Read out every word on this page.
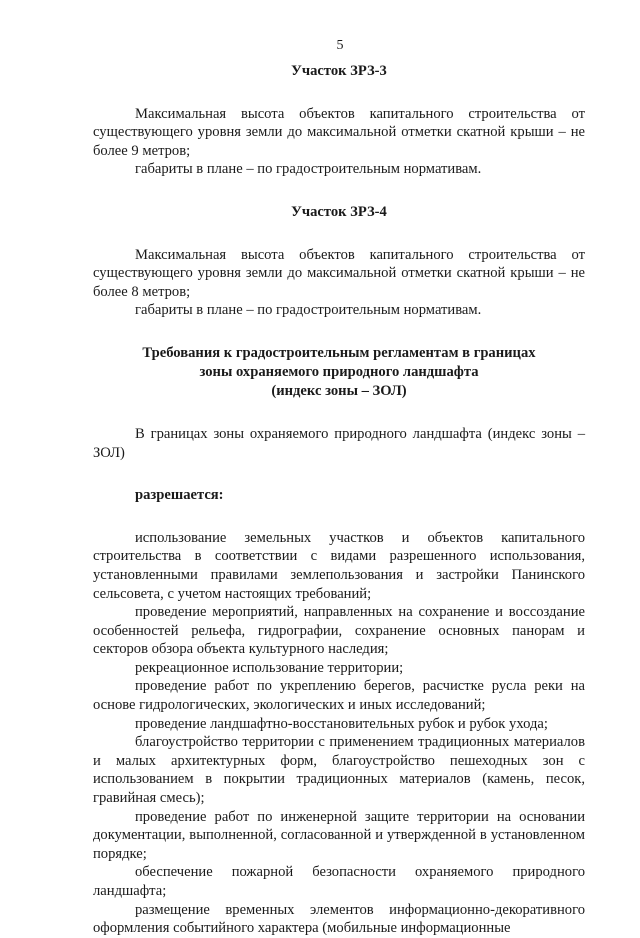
5

Участок ЗРЗ-3

Максимальная высота объектов капитального строительства от существующего уровня земли до максимальной отметки скатной крыши – не более 9 метров;

габариты в плане – по градостроительным нормативам.

Участок ЗРЗ-4

Максимальная высота объектов капитального строительства от существующего уровня земли до максимальной отметки скатной крыши – не более 8 метров;

габариты в плане – по градостроительным нормативам.

Требования к градостроительным регламентам в границах

зоны охраняемого природного ландшафта

(индекс зоны – ЗОЛ)

В границах зоны охраняемого природного ландшафта (индекс зоны – ЗОЛ)

разрешается:

использование земельных участков и объектов капитального строительства в соответствии с видами разрешенного использования, установленными правилами землепользования и застройки Панинского сельсовета, с учетом настоящих требований;

проведение мероприятий, направленных на сохранение и воссоздание особенностей рельефа, гидрографии, сохранение основных панорам и секторов обзора объекта культурного наследия;

рекреационное использование территории;

проведение работ по укреплению берегов, расчистке русла реки на основе гидрологических, экологических и иных исследований;

проведение ландшафтно-восстановительных рубок и рубок ухода;

благоустройство территории с применением традиционных материалов и малых архитектурных форм, благоустройство пешеходных зон с использованием в покрытии традиционных материалов (камень, песок, гравийная смесь);

проведение работ по инженерной защите территории на основании документации, выполненной, согласованной и утвержденной в установленном порядке;

обеспечение пожарной безопасности охраняемого природного ландшафта;

размещение временных элементов информационно-декоративного оформления событийного характера (мобильные информационные
